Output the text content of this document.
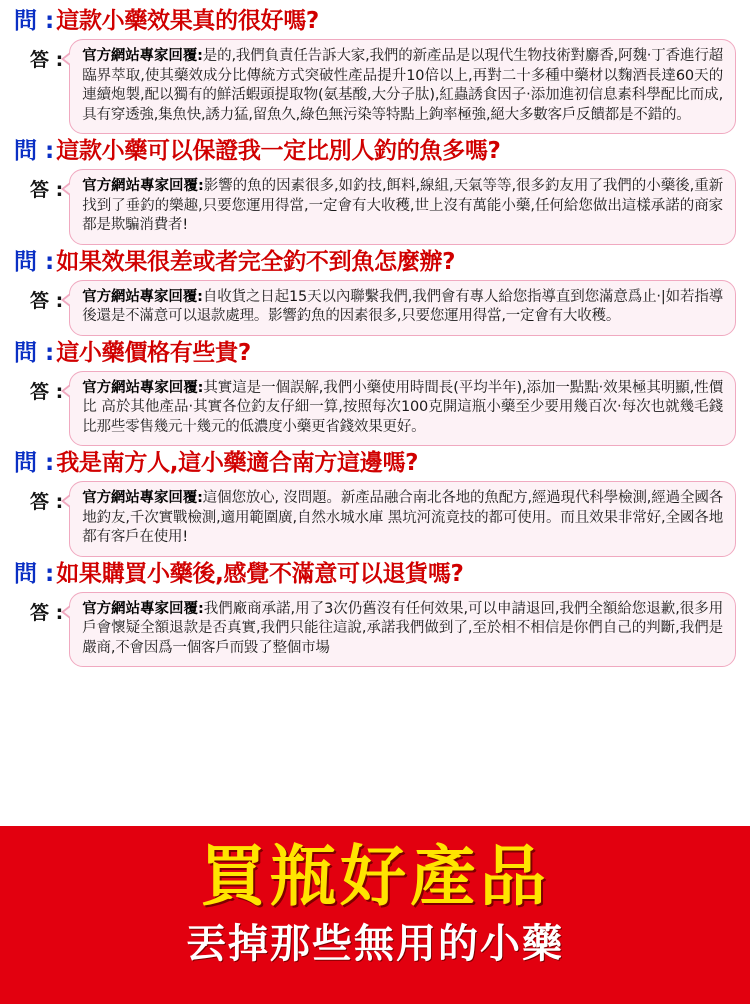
問 : 這款小藥效果真的很好嗎?
答 :	官方網站專家回覆:是的,我們負責任告訴大家,我們的新產品是以現代生物技術對麝香,阿魏‧丁香進行超臨界萃取,使其藥效成分比傳統方式突破性產品提升10倍以上,再對二十多種中藥材以麴酒長達60天的連續炮製,配以獨有的鮮活蝦頭提取物(氨基酸,大分子肽),紅蟲誘食因子‧添加進初信息素科學配比而成,具有穿透強,集魚快,誘力猛,留魚久,綠色無污染等特點上鉤率極強,絕大多數客戶反饋都是不錯的。
問 : 這款小藥可以保證我一定比別人釣的魚多嗎?
答 :	官方網站專家回覆:影響的魚的因素很多,如釣技,餌料,線組,天氣等等,很多釣友用了我們的小藥後,重新找到了垂釣的樂趣,只要您運用得當,一定會有大收穫,世上沒有萬能小藥,任何給您做出這樣承諾的商家都是欺騙消費者!
問 : 如果效果很差或者完全釣不到魚怎麼辦?
答 :	官方網站專家回覆:自收貨之日起15天以內聯繫我們,我們會有專人給您指導直到您滿意爲止‧|如若指導後還是不滿意可以退款處理。影響釣魚的因素很多,只要您運用得當,一定會有大收穫。
問 : 這小藥價格有些貴?
答 :	官方網站專家回覆:其實這是一個誤解,我們小藥使用時間長(平均半年),添加一點點‧效果極其明顯,性價比 高於其他產品‧其實各位釣友仔細一算,按照每次100克開這瓶小藥至少要用幾百次‧每次也就幾毛錢比那些零售幾元十幾元的低濃度小藥更省錢效果更好。
問 : 我是南方人,這小藥適合南方這邊嗎?
答 :	官方網站專家回覆:這個您放心, 沒問題。新產品融合南北各地的魚配方,經過現代科學檢測,經過全國各地釣友,千次實戰檢測,適用範圍廣,自然水城水庫 黑坑河流竟技的都可使用。而且效果非常好,全國各地都有客戶在使用!
問 : 如果購買小藥後,感覺不滿意可以退貨嗎?
答 :	官方網站專家回覆:我們廠商承諾,用了3次仍舊沒有任何效果,可以申請退回,我們全額給您退歉,很多用戶會懷疑全額退款是否真實,我們只能往這說,承諾我們做到了,至於相不相信是你們自己的判斷,我們是嚴商,不會因爲一個客戶而毀了整個市場
買瓶好產品
丟掉那些無用的小藥
